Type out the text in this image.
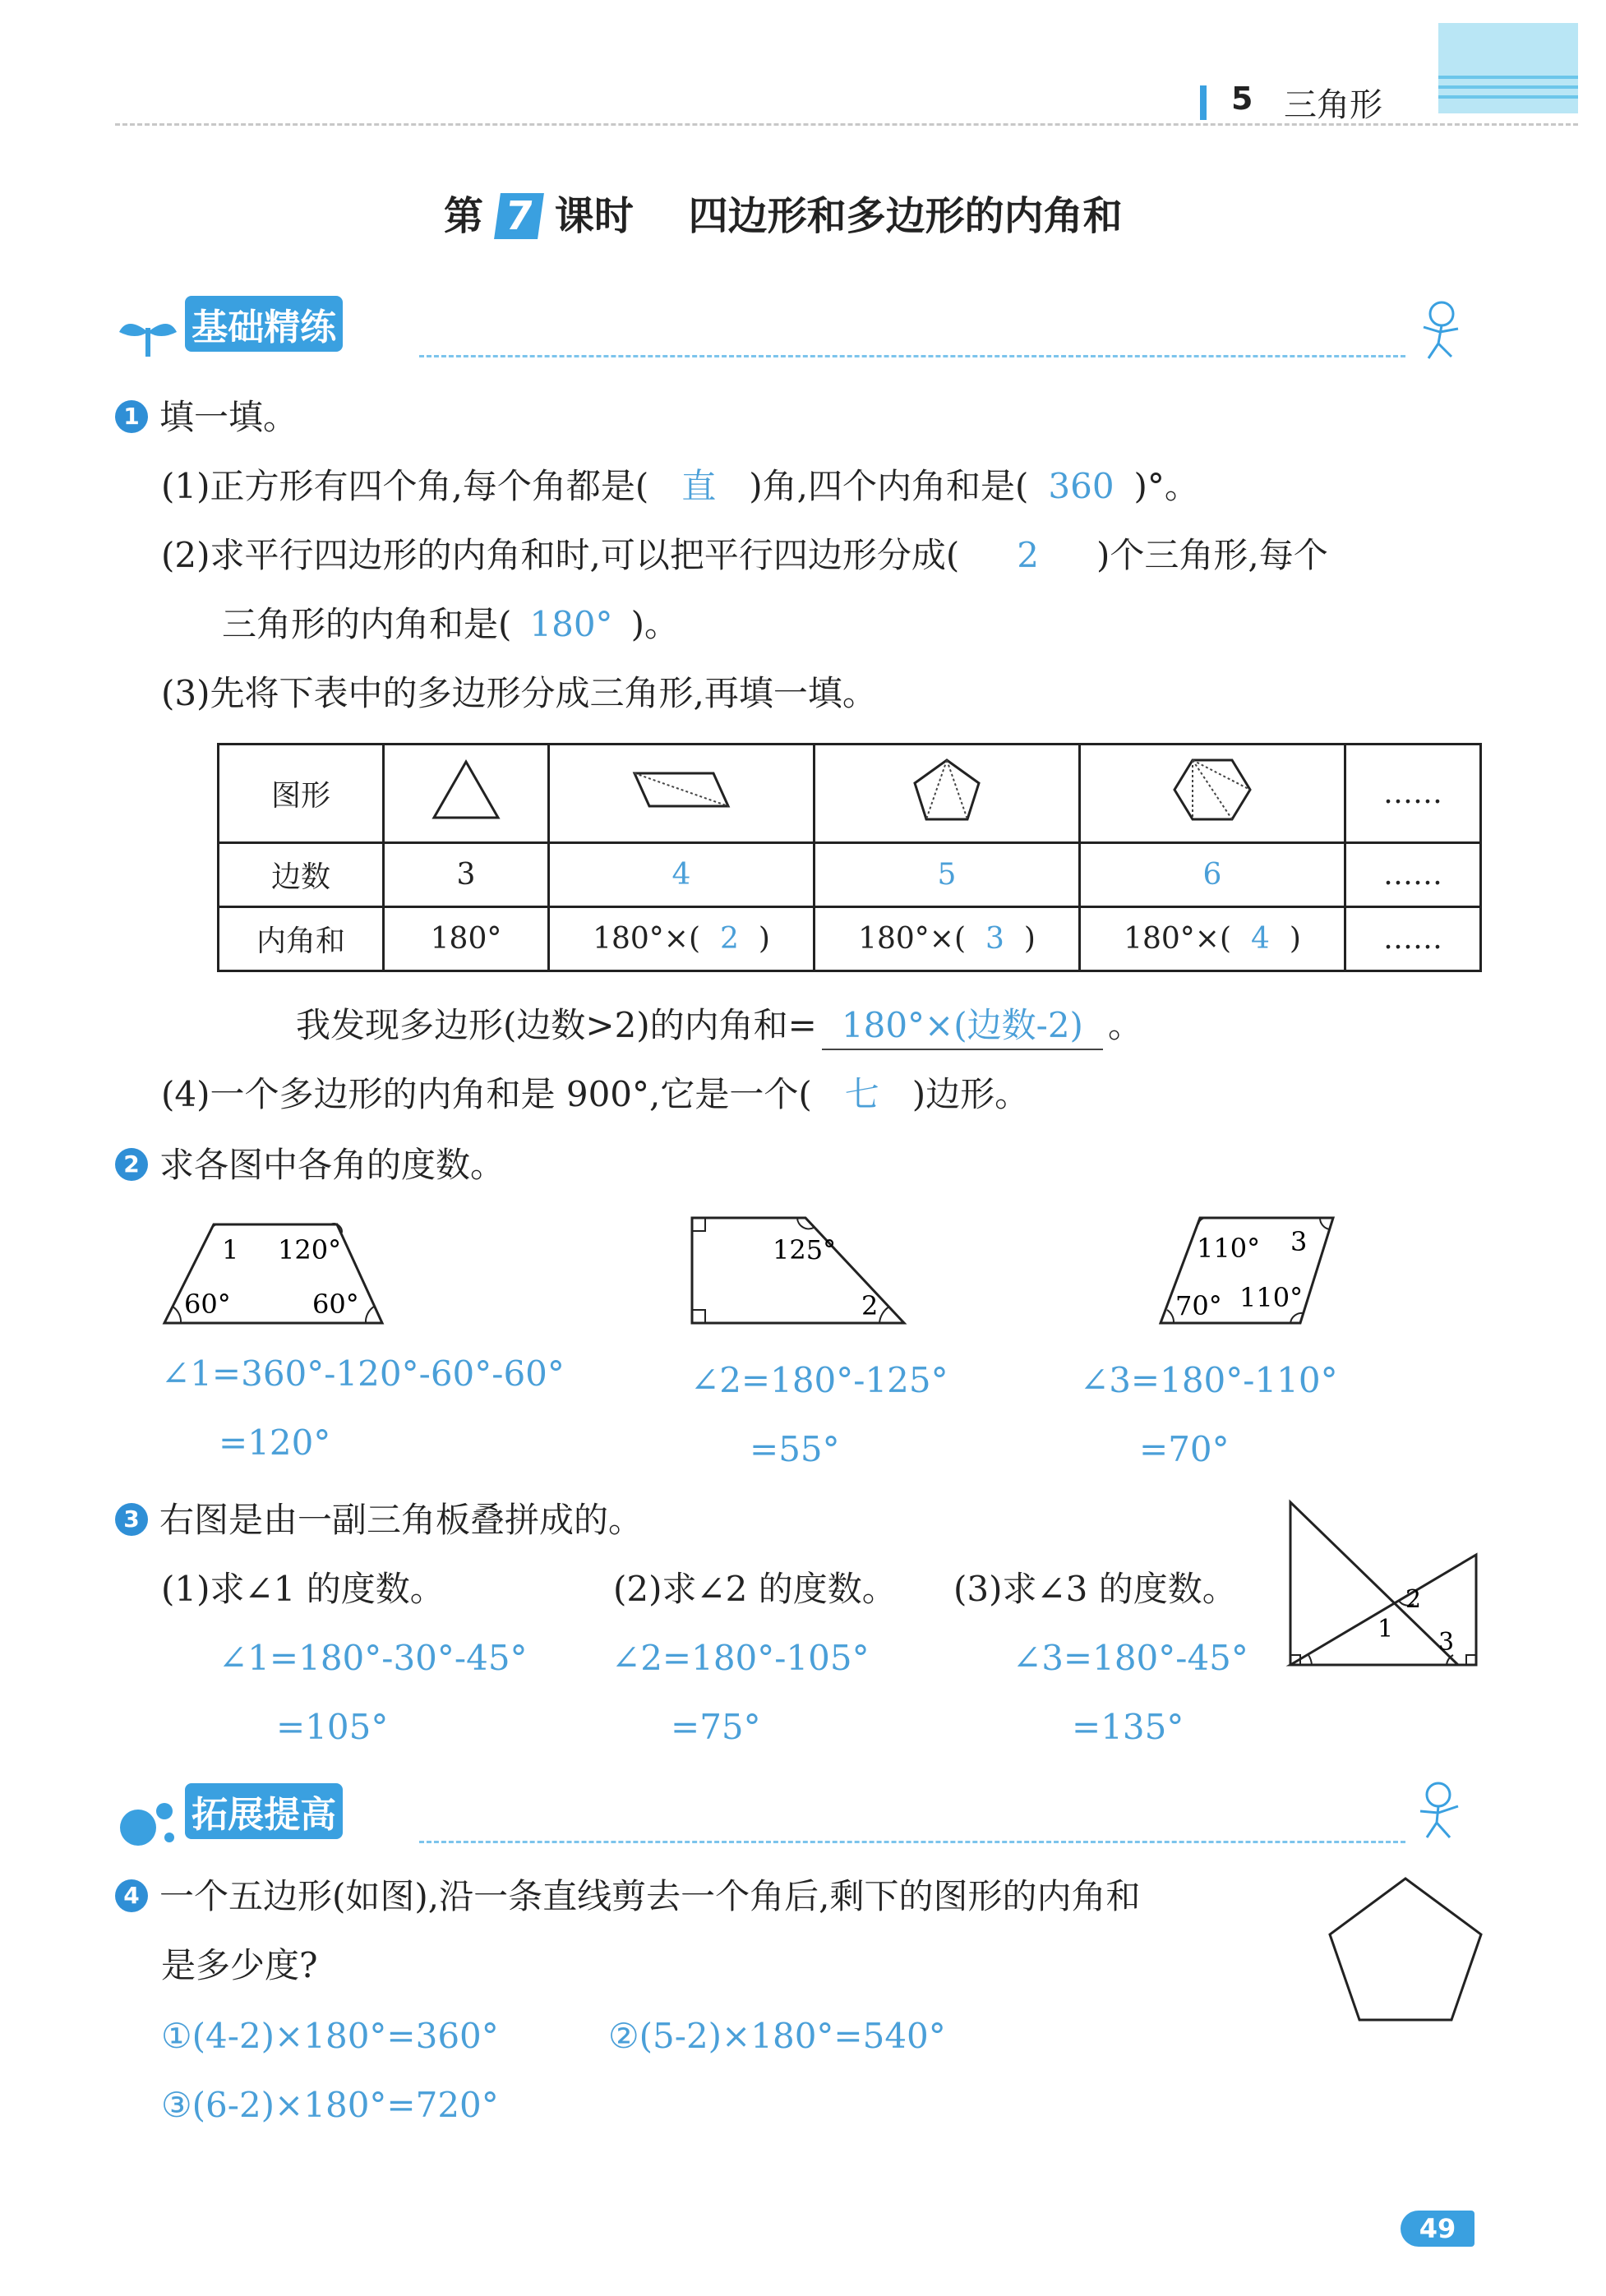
5 三角形
第 7 课时 四边形和多边形的内角和
基础精练
1 填一填。
(1)正方形有四个角,每个角都是( 直 )角,四个内角和是( 360 )°。
(2)求平行四边形的内角和时,可以把平行四边形分成( 2 )个三角形,每个
三角形的内角和是( 180° )。
(3)先将下表中的多边形分成三角形,再填一填。
图形					……
边数	3	4	5	6	……
内角和	180°	180°×( 2 )	180°×( 3 )	180°×( 4 )	……
我发现多边形(边数>2)的内角和= 180°×(边数-2) 。
(4)一个多边形的内角和是 900°,它是一个( 七 )边形。
2 求各图中各角的度数。
1 120°
60°	60°
∠1=360°-120°-60°-60°
=120°
125°
2
∠2=180°-125°
=55°
110° 3
70° 110°
∠3=180°-110°
=70°
3 右图是由一副三角板叠拼成的。
(1)求∠1 的度数。	(2)求∠2 的度数。 (3)求∠3 的度数。
∠1=180°-30°-45°
=105°
∠2=180°-105°
=75°
∠3=180°-45°
=135°
1
2
3
拓展提高
4 一个五边形(如图),沿一条直线剪去一个角后,剩下的图形的内角和
是多少度?
①(4-2)×180°=360°	②(5-2)×180°=540°
③(6-2)×180°=720°
49
